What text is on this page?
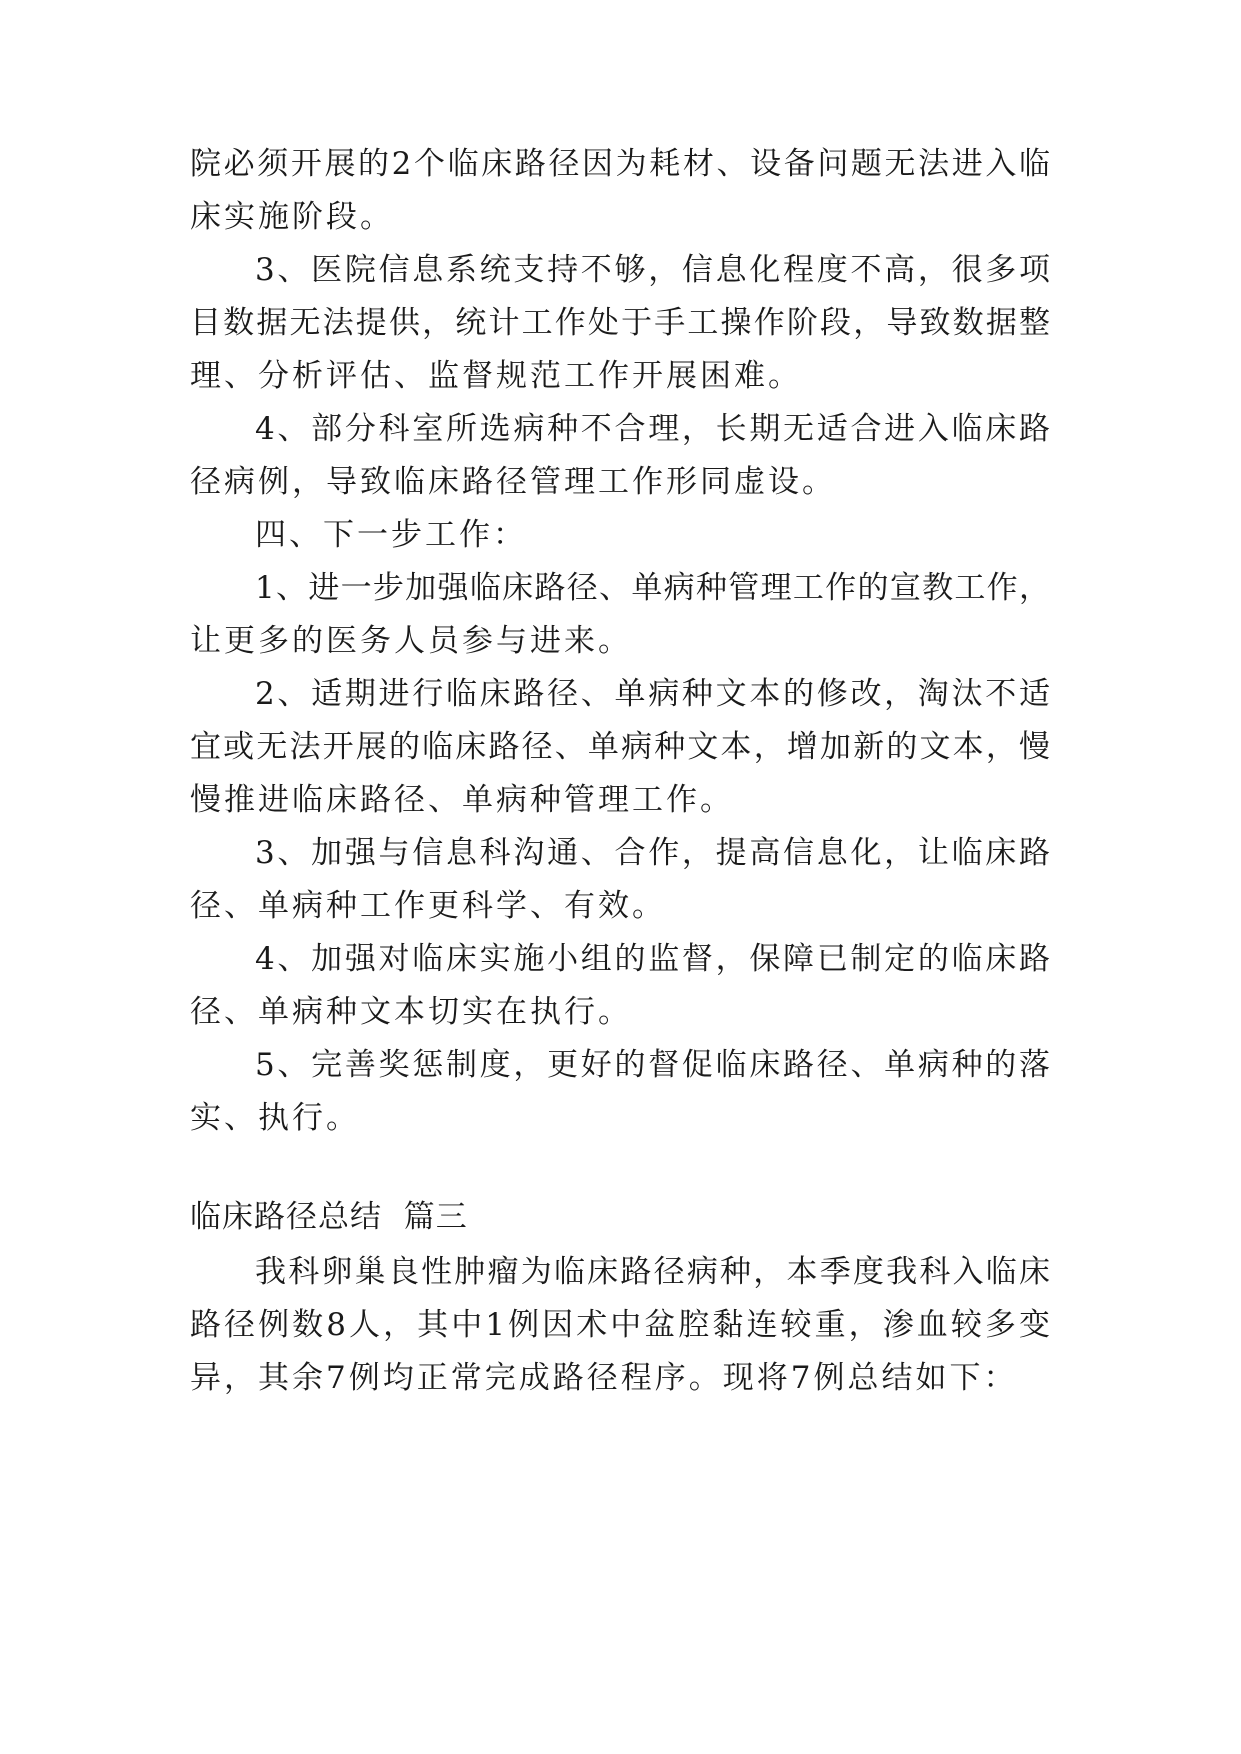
院必须开展的2个临床路径因为耗材、设备问题无法进入临

床实施阶段。

3、医院信息系统支持不够，信息化程度不高，很多项

目数据无法提供，统计工作处于手工操作阶段，导致数据整

理、分析评估、监督规范工作开展困难。

4、部分科室所选病种不合理，长期无适合进入临床路

径病例，导致临床路径管理工作形同虚设。

四、下一步工作：

1、进一步加强临床路径、单病种管理工作的宣教工作，

让更多的医务人员参与进来。

2、适期进行临床路径、单病种文本的修改，淘汰不适

宜或无法开展的临床路径、单病种文本，增加新的文本，慢

慢推进临床路径、单病种管理工作。

3、加强与信息科沟通、合作，提高信息化，让临床路

径、单病种工作更科学、有效。

4、加强对临床实施小组的监督，保障已制定的临床路

径、单病种文本切实在执行。

5、完善奖惩制度，更好的督促临床路径、单病种的落

实、执行。

临床路径总结  篇三

我科卵巢良性肿瘤为临床路径病种，本季度我科入临床

路径例数8人，其中1例因术中盆腔黏连较重，渗血较多变

异，其余7例均正常完成路径程序。现将7例总结如下：
